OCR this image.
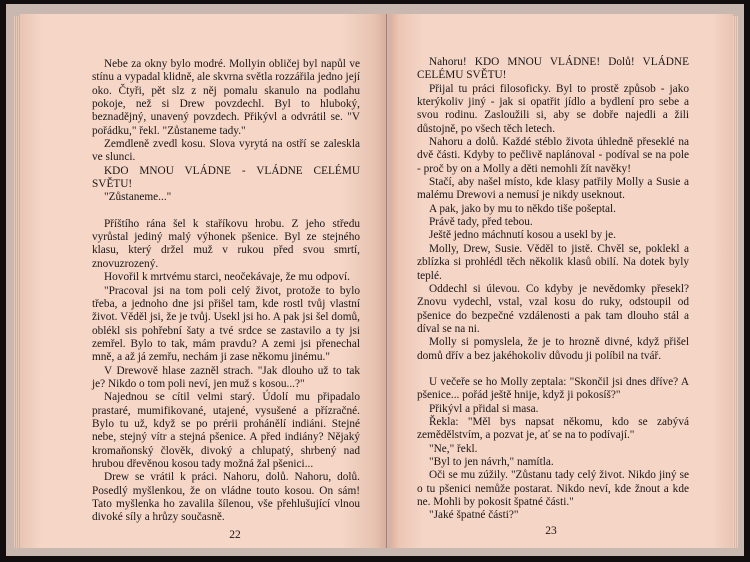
Nebe za okny bylo modré. Mollyin obličej byl napůl ve stínu a vypadal klidně, ale skvrna světla rozzářila jedno její oko. Čtyři, pět slz z něj pomalu skanulo na podlahu pokoje, než si Drew povzdechl. Byl to hluboký, beznadějný, unavený povzdech. Přikývl a odvrátil se. "V pořádku," řekl. "Zůstaneme tady."

Zemdleně zvedl kosu. Slova vyrytá na ostří se zaleskla ve slunci.

KDO MNOU VLÁDNE - VLÁDNE CELÉMU SVĚTU!

"Zůstaneme..."

Příštího rána šel k staříkovu hrobu. Z jeho středu vyrůstal jediný malý výhonek pšenice. Byl ze stejného klasu, který držel muž v rukou před svou smrtí, znovuzrozený.

Hovořil k mrtvému starci, neočekávaje, že mu odpoví.

"Pracoval jsi na tom poli celý život, protože to bylo třeba, a jednoho dne jsi přišel tam, kde rostl tvůj vlastní život. Věděl jsi, že je tvůj. Usekl jsi ho. A pak jsi šel domů, oblékl sis pohřební šaty a tvé srdce se zastavilo a ty jsi zemřel. Bylo to tak, mám pravdu? A zemi jsi přenechal mně, a až já zemřu, nechám ji zase někomu jinému."

V Drewově hlase zazněl strach. "Jak dlouho už to tak je? Nikdo o tom poli neví, jen muž s kosou...?"

Najednou se cítil velmi starý. Údolí mu připadalo prastaré, mumifikované, utajené, vysušené a přízračné. Bylo tu už, když se po prérii prohánělí indiáni. Stejné nebe, stejný vítr a stejná pšenice. A před indiány? Nějaký kromaňonský člověk, divoký a chlupatý, shrbený nad hrubou dřevěnou kosou tady možná žal pšenici...

Drew se vrátil k práci. Nahoru, dolů. Nahoru, dolů. Posedlý myšlenkou, že on vládne touto kosou. On sám! Tato myšlenka ho zavalila šílenou, vše přehlušující vlnou divoké síly a hrůzy současně.

22

Nahoru! KDO MNOU VLÁDNE! Dolů! VLÁDNE CELÉMU SVĚTU!

Přijal tu práci filosoficky. Byl to prostě způsob - jako kterýkoliv jiný - jak si opatřit jídlo a bydlení pro sebe a svou rodinu. Zasloužili si, aby se dobře najedli a žili důstojně, po všech těch letech.

Nahoru a dolů. Každé stéblo života úhledně přeseklé na dvě části. Kdyby to pečlivě naplánoval - podíval se na pole - proč by on a Molly a děti nemohli žít navěky!

Stačí, aby našel místo, kde klasy patřily Molly a Susie a malému Drewovi a nemusí je nikdy useknout.

A pak, jako by mu to někdo tiše pošeptal.

Právě tady, před tebou.

Ještě jedno máchnutí kosou a usekl by je.

Molly, Drew, Susie. Věděl to jistě. Chvěl se, poklekl a zblízka si prohlédl těch několik klasů obilí. Na dotek byly teplé.

Oddechl si úlevou. Co kdyby je nevědomky přesekl? Znovu vydechl, vstal, vzal kosu do ruky, odstoupil od pšenice do bezpečné vzdálenosti a pak tam dlouho stál a díval se na ni.

Molly si pomyslela, že je to hrozně divné, když přišel domů dřív a bez jakéhokoliv důvodu ji políbil na tvář.

U večeře se ho Molly zeptala: "Skončil jsi dnes dříve? A pšenice... pořád ještě hnije, když ji pokosíš?"

Přikývl a přidal si masa.

Řekla: "Měl bys napsat někomu, kdo se zabývá zemědělstvím, a pozvat je, ať se na to podívají."

"Ne," řekl.

"Byl to jen návrh," namítla.

Oči se mu zúžily. "Zůstanu tady celý život. Nikdo jiný se o tu pšenici nemůže postarat. Nikdo neví, kde žnout a kde ne. Mohli by pokosit špatné části."

"Jaké špatné části?"

23
